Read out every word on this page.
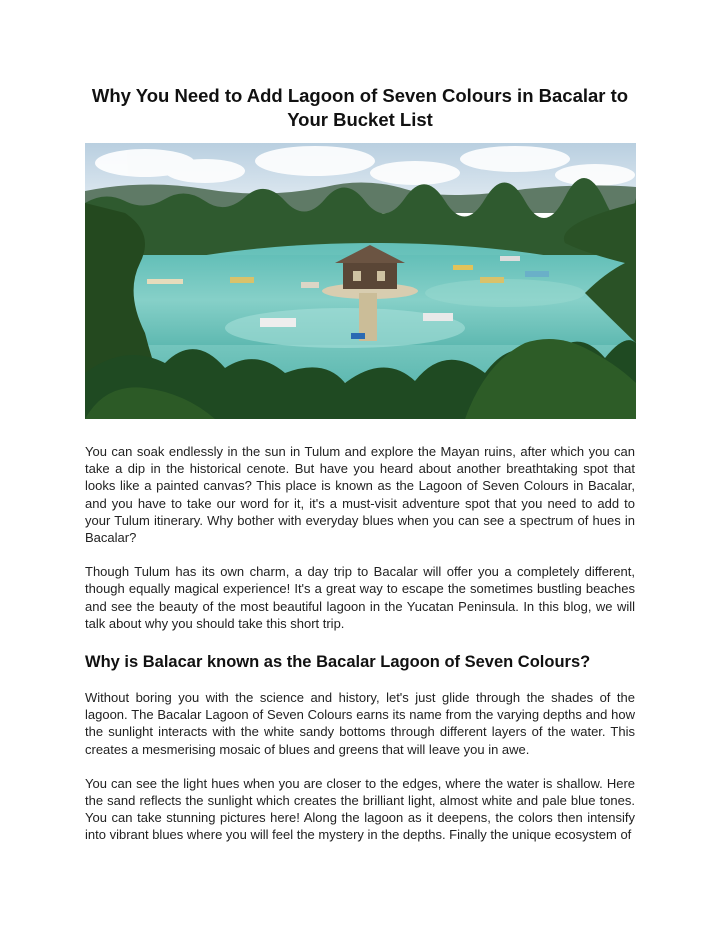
Why You Need to Add Lagoon of Seven Colours in Bacalar to Your Bucket List

You can soak endlessly in the sun in Tulum and explore the Mayan ruins, after which you can take a dip in the historical cenote. But have you heard about another breathtaking spot that looks like a painted canvas? This place is known as the Lagoon of Seven Colours in Bacalar, and you have to take our word for it, it's a must-visit adventure spot that you need to add to your Tulum itinerary. Why bother with everyday blues when you can see a spectrum of hues in Bacalar?

Though Tulum has its own charm, a day trip to Bacalar will offer you a completely different, though equally magical experience! It's a great way to escape the sometimes bustling beaches and see the beauty of the most beautiful lagoon in the Yucatan Peninsula. In this blog, we will talk about why you should take this short trip.

Why is Balacar known as the Bacalar Lagoon of Seven Colours?

Without boring you with the science and history, let's just glide through the shades of the lagoon. The Bacalar Lagoon of Seven Colours earns its name from the varying depths and how the sunlight interacts with the white sandy bottoms through different layers of the water. This creates a mesmerising mosaic of blues and greens that will leave you in awe.

You can see the light hues when you are closer to the edges, where the water is shallow. Here the sand reflects the sunlight which creates the brilliant light, almost white and pale blue tones. You can take stunning pictures here! Along the lagoon as it deepens, the colors then intensify into vibrant blues where you will feel the mystery in the depths. Finally the unique ecosystem of
